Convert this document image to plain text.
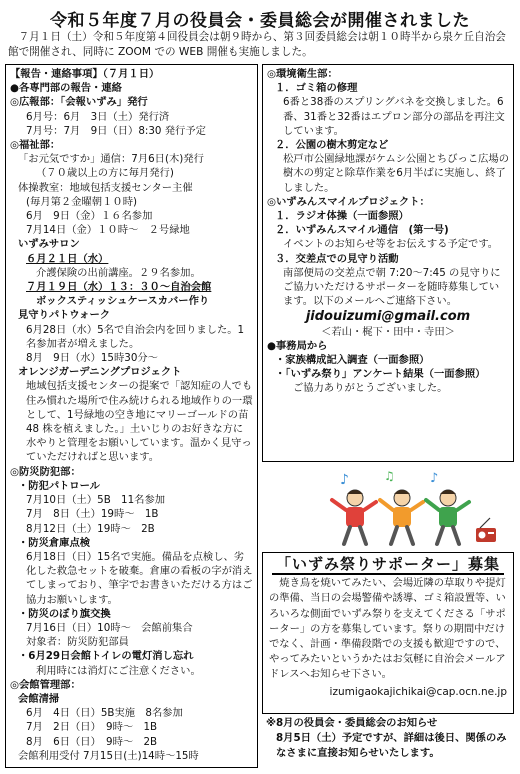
令和５年度７月の役員会・委員総会が開催されました
　７月１日（土）令和５年度第４回役員会は朝９時から、第３回委員総会は朝１０時半から泉ケ丘自治会館で開催され、同時に ZOOM での WEB 開催も実施しました。
【報告・連絡事項】（７月１日）
●各専門部の報告・連絡
◎広報部：「会報いずみ」発行
6月号：6月　3日（土）発行済
7月号：7月　9日（日）8:30 発行予定
◎福祉部：
「お元気ですか」通信：7月6日(木)発行
（７０歳以上の方に毎月発行)
体操教室：地域包括支援センター主催
(毎月第２金曜朝１０時)
6月　9日（金）１６名参加
7月14日（金）１０時～　２号緑地
いずみサロン
６月２１日（水）
介護保険の出前講座。２９名参加。
７月１９日（水）１３：３０～自治会館
ボックスティッシュケースカバー作り
見守りパトウォーク
6月28日（水）5名で自治会内を回りました。1名参加者が増えました。
8月　9日（水）15時30分～
オレンジガーデニングプロジェクト
地域包括支援センターの提案で「認知症の人でも住み慣れた場所で住み続けられる地域作りの一環として、1号緑地の空き地にマリーゴールドの苗 48 株を植えました。」土いじりのお好きな方に水やりと管理をお願いしています。温かく見守っていただければと思います。
◎防災防犯部：
・防犯パトロール
7月10日（土）5B　11名参加
7月　8日（土）19時～　1B
8月12日（土）19時～　2B
・防災倉庫点検
6月18日（日）15名で実施。備品を点検し、劣化した救急セットを破棄。倉庫の看板の字が消えてしまっており、筆字でお書きいただける方はご協力お願いします。
・防災のぼり旗交換
7月16日（日）10時～　会館前集合
対象者：防災防犯部員
・6月29日会館トイレの電灯消し忘れ
利用時には消灯にご注意ください。
◎会館管理部：
会館清掃
6月　4日（日）5B実施　8名参加
7月　2日（日）　9時～　1B
8月　6日（日）　9時～　2B
会館利用受付 7月15日(土)14時～15時
◎環境衛生部：
１．ゴミ箱の修理
6番と38番のスプリングバネを交換しました。6番、31番と32番はエプロン部分の部品を再注文しています。
２．公園の樹木剪定など
松戸市公園緑地課がケムシ公園とちびっこ広場の樹木の剪定と除草作業を6月半ばに実施し、終了しました。
◎いずみんスマイルプロジェクト：
１．ラジオ体操（一面参照）
２．いずみんスマイル通信　(第一号)
イベントのお知らせ等をお伝えする予定です。
３．交差点での見守り活動
南部便局の交差点で朝 7:20～7:45 の見守りにご協力いただけるサポーターを随時募集しています。以下のメールへご連絡下さい。
jidouizumi@gmail.com
＜若山・梶下・田中・寺田＞
●事務局から
・家族構成記入調査（一面参照）
・「いずみ祭り」アンケート結果（一面参照）
ご協力ありがとうございました。
♪	♫	♪
「いずみ祭りサポーター」募集
焼き鳥を焼いてみたい、会場近隣の草取りや提灯の準備、当日の会場警備や誘導、ゴミ箱設置等、いろいろな側面でいずみ祭りを支えてくださる「サポーター」の方を募集しています。祭りの期間中だけでなく、計画・準備段階での支援も歓迎ですので、やってみたいというかたはお気軽に自治会メールアドレスへお知らせ下さい。
izumigaokajichikai@cap.ocn.ne.jp
※8月の役員会・委員総会のお知らせ
8月5日（土）予定ですが、詳細は後日、関係のみなさまに直接お知らせいたします。
